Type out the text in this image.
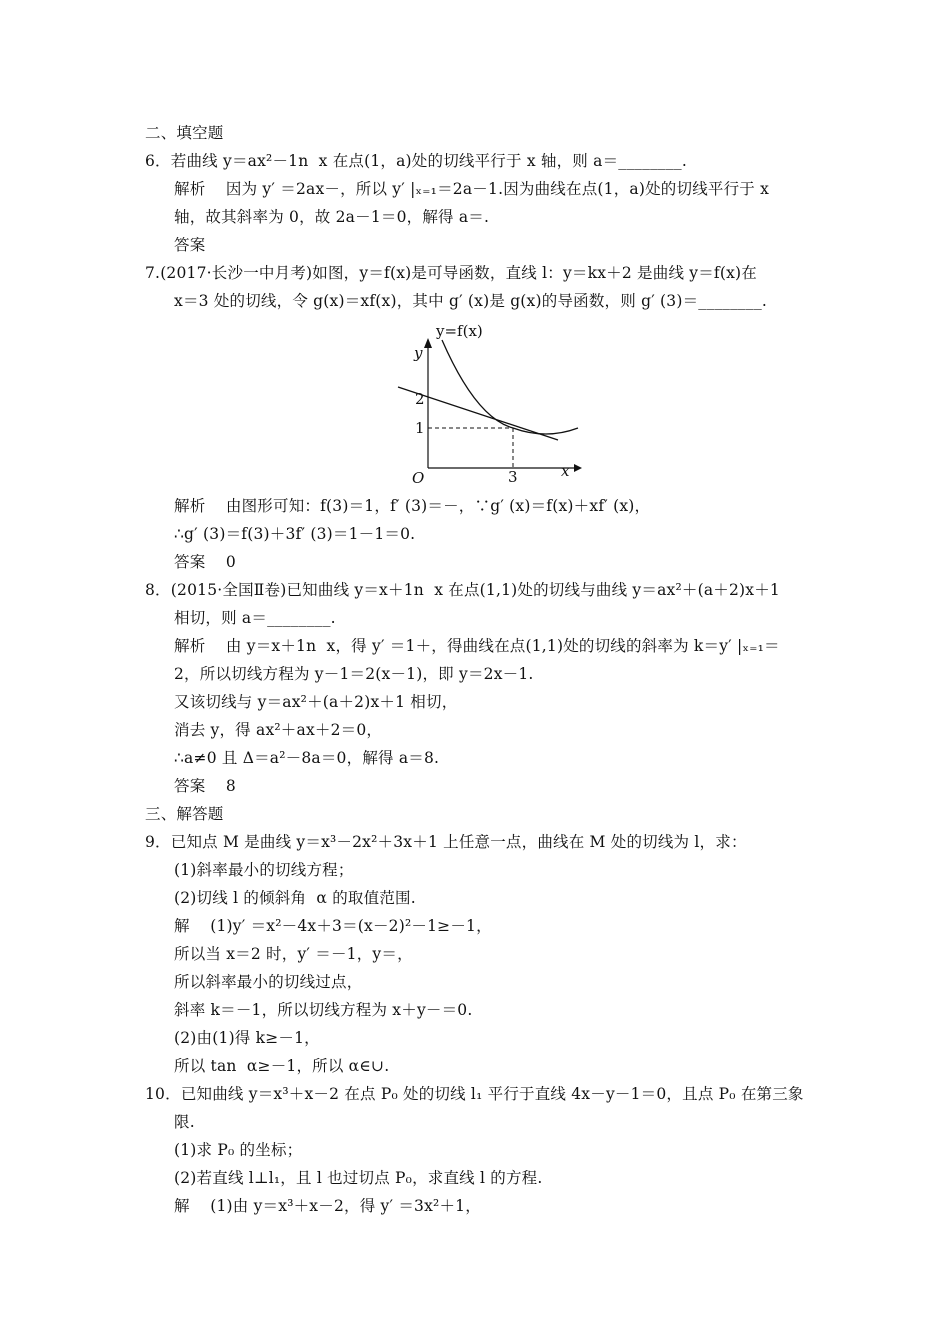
二、填空题
6．若曲线 y＝ax²－1n  x 在点(1，a)处的切线平行于 x 轴，则 a＝________.
解析    因为 y′ ＝2ax－，所以 y′ |ₓ₌₁＝2a－1.因为曲线在点(1，a)处的切线平行于 x
轴，故其斜率为 0，故 2a－1＝0，解得 a＝.
答案
7.(2017·长沙一中月考)如图，y＝f(x)是可导函数，直线 l：y＝kx＋2 是曲线 y＝f(x)在
x＝3 处的切线，令 g(x)＝xf(x)，其中 g′ (x)是 g(x)的导函数，则 g′ (3)＝________.
y=f(x)
y
x
O
2
1
3
解析    由图形可知：f(3)＝1，f′ (3)＝－，∵g′ (x)＝f(x)＋xf′ (x)，
∴g′ (3)＝f(3)＋3f′ (3)＝1－1＝0.
答案    0
8．(2015·全国Ⅱ卷)已知曲线 y＝x＋1n  x 在点(1,1)处的切线与曲线 y＝ax²＋(a＋2)x＋1
相切，则 a＝________.
解析    由 y＝x＋1n  x，得 y′ ＝1＋，得曲线在点(1,1)处的切线的斜率为 k＝y′ |ₓ₌₁＝
2，所以切线方程为 y－1＝2(x－1)，即 y＝2x－1.
又该切线与 y＝ax²＋(a＋2)x＋1 相切，
消去 y，得 ax²＋ax＋2＝0，
∴a≠0 且 Δ＝a²－8a＝0，解得 a＝8.
答案    8
三、解答题
9．已知点 M 是曲线 y＝x³－2x²＋3x＋1 上任意一点，曲线在 M 处的切线为 l，求：
(1)斜率最小的切线方程；
(2)切线 l 的倾斜角  α 的取值范围.
解    (1)y′ ＝x²－4x＋3＝(x－2)²－1≥－1，
所以当 x＝2 时，y′ ＝－1，y＝，
所以斜率最小的切线过点，
斜率 k＝－1，所以切线方程为 x＋y－＝0.
(2)由(1)得 k≥－1，
所以 tan  α≥－1，所以 α∈∪.
10．已知曲线 y＝x³＋x－2 在点 P₀ 处的切线 l₁ 平行于直线 4x－y－1＝0，且点 P₀ 在第三象
限.
(1)求 P₀ 的坐标；
(2)若直线 l⊥l₁，且 l 也过切点 P₀，求直线 l 的方程.
解    (1)由 y＝x³＋x－2，得 y′ ＝3x²＋1，
